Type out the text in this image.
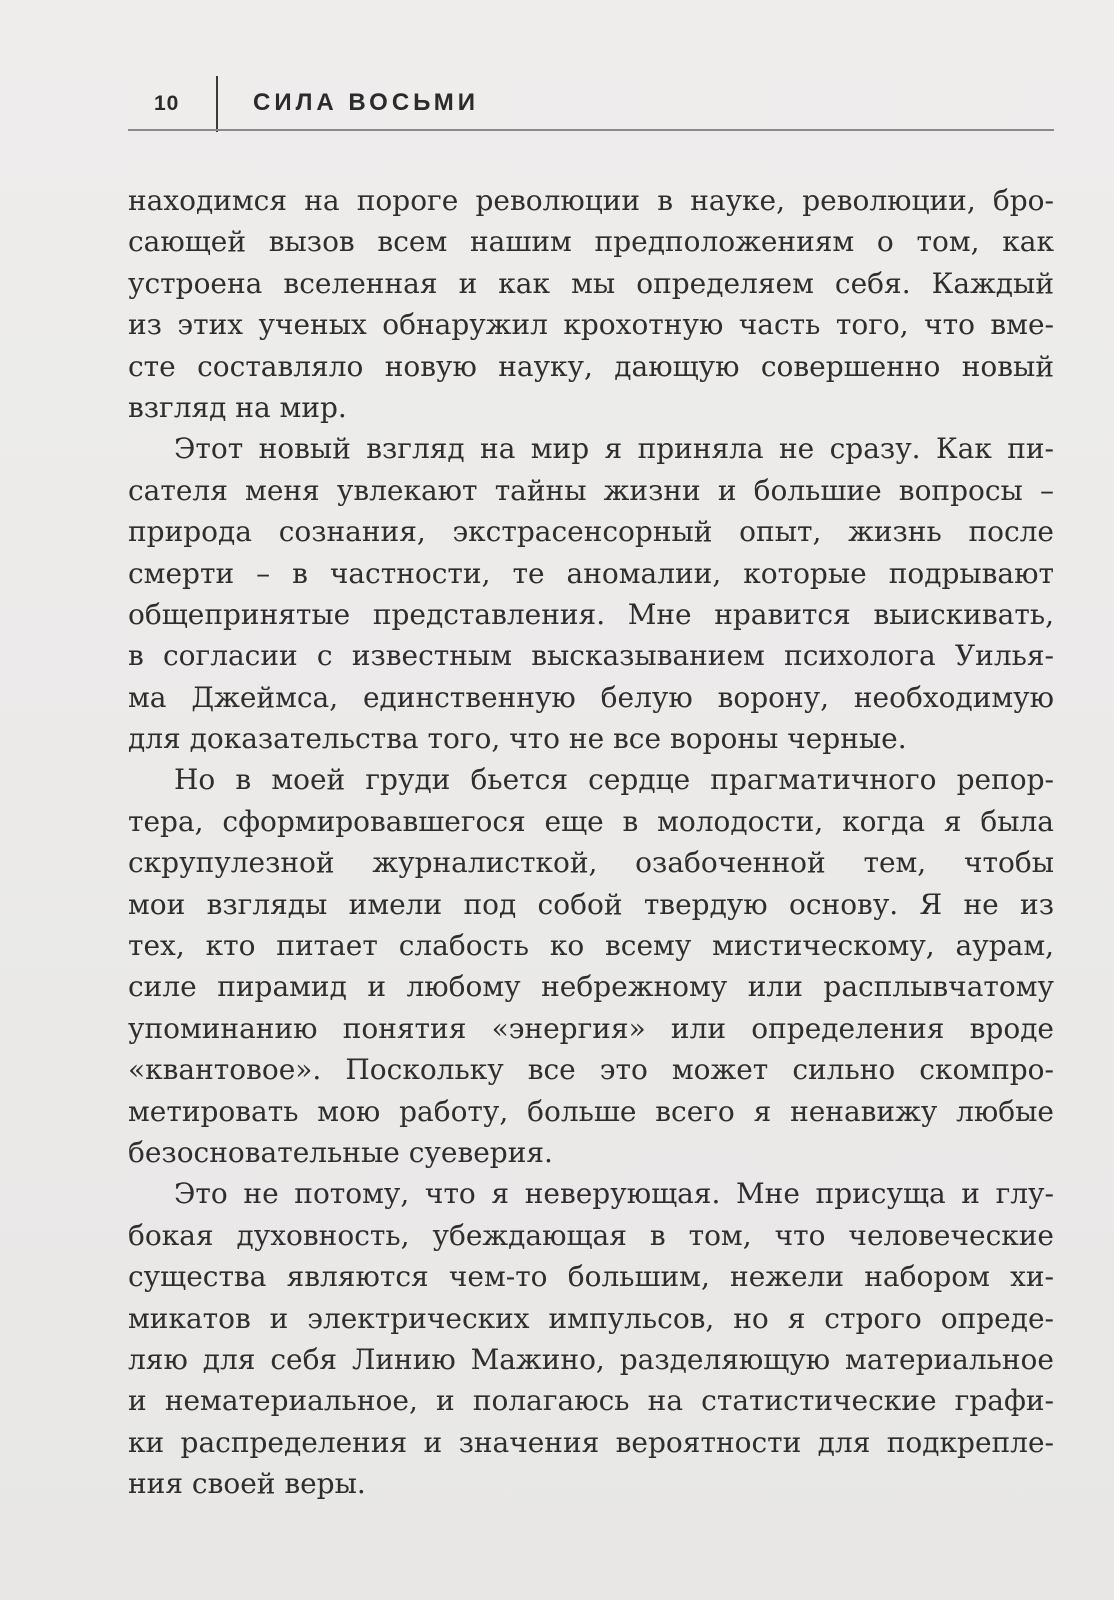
10	СИЛА ВОСЬМИ
находимся на пороге революции в науке, революции, бро-
сающей вызов всем нашим предположениям о том, как
устроена вселенная и как мы определяем себя. Каждый
из этих ученых обнаружил крохотную часть того, что вме-
сте составляло новую науку, дающую совершенно новый
взгляд на мир.
Этот новый взгляд на мир я приняла не сразу. Как пи-
сателя меня увлекают тайны жизни и большие вопросы –
природа сознания, экстрасенсорный опыт, жизнь после
смерти – в частности, те аномалии, которые подрывают
общепринятые представления. Мне нравится выискивать,
в согласии с известным высказыванием психолога Уилья-
ма Джеймса, единственную белую ворону, необходимую
для доказательства того, что не все вороны черные.
Но в моей груди бьется сердце прагматичного репор-
тера, сформировавшегося еще в молодости, когда я была
скрупулезной журналисткой, озабоченной тем, чтобы
мои взгляды имели под собой твердую основу. Я не из
тех, кто питает слабость ко всему мистическому, аурам,
силе пирамид и любому небрежному или расплывчатому
упоминанию понятия «энергия» или определения вроде
«квантовое». Поскольку все это может сильно скомпро-
метировать мою работу, больше всего я ненавижу любые
безосновательные суеверия.
Это не потому, что я неверующая. Мне присуща и глу-
бокая духовность, убеждающая в том, что человеческие
существа являются чем-то большим, нежели набором хи-
микатов и электрических импульсов, но я строго опреде-
ляю для себя Линию Мажино, разделяющую материальное
и нематериальное, и полагаюсь на статистические графи-
ки распределения и значения вероятности для подкрепле-
ния своей веры.
